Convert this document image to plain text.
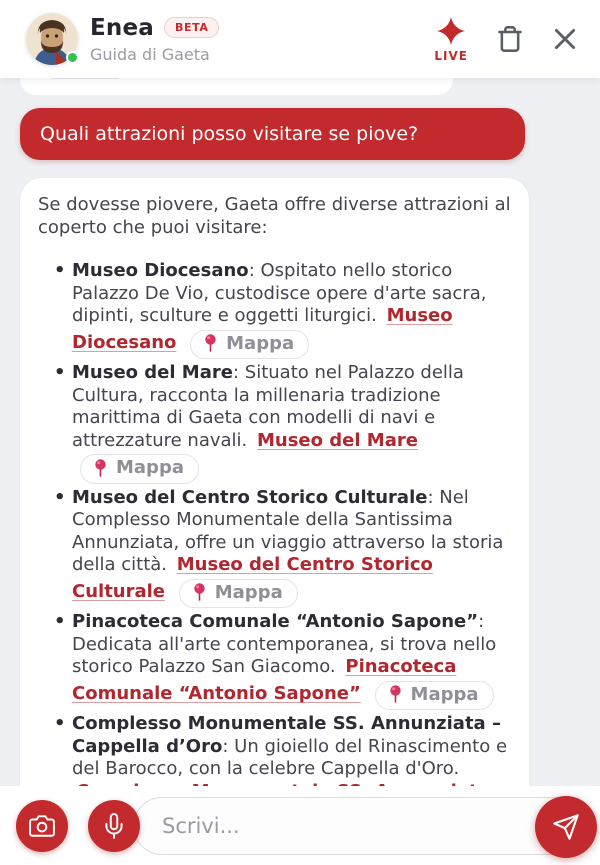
Quali attrazioni posso visitare se piove?

Se dovesse piovere, Gaeta offre diverse attrazioni al coperto che puoi visitare:

• Museo Diocesano: Ospitato nello storico Palazzo De Vio, custodisce opere d'arte sacra, dipinti, sculture e oggetti liturgici. Museo Diocesano	Mappa
• Museo del Mare: Situato nel Palazzo della Cultura, racconta la millenaria tradizione marittima di Gaeta con modelli di navi e attrezzature navali. Museo del Mare
Mappa
• Museo del Centro Storico Culturale: Nel Complesso Monumentale della Santissima Annunziata, offre un viaggio attraverso la storia della città. Museo del Centro Storico Culturale	Mappa
• Pinacoteca Comunale “Antonio Sapone”: Dedicata all'arte contemporanea, si trova nello storico Palazzo San Giacomo. Pinacoteca Comunale “Antonio Sapone”	Mappa
• Complesso Monumentale SS. Annunziata – Cappella d’Oro: Un gioiello del Rinascimento e del Barocco, con la celebre Cappella d'Oro.
Enea	BETA
Guida di Gaeta	LIVE
Scrivi...
